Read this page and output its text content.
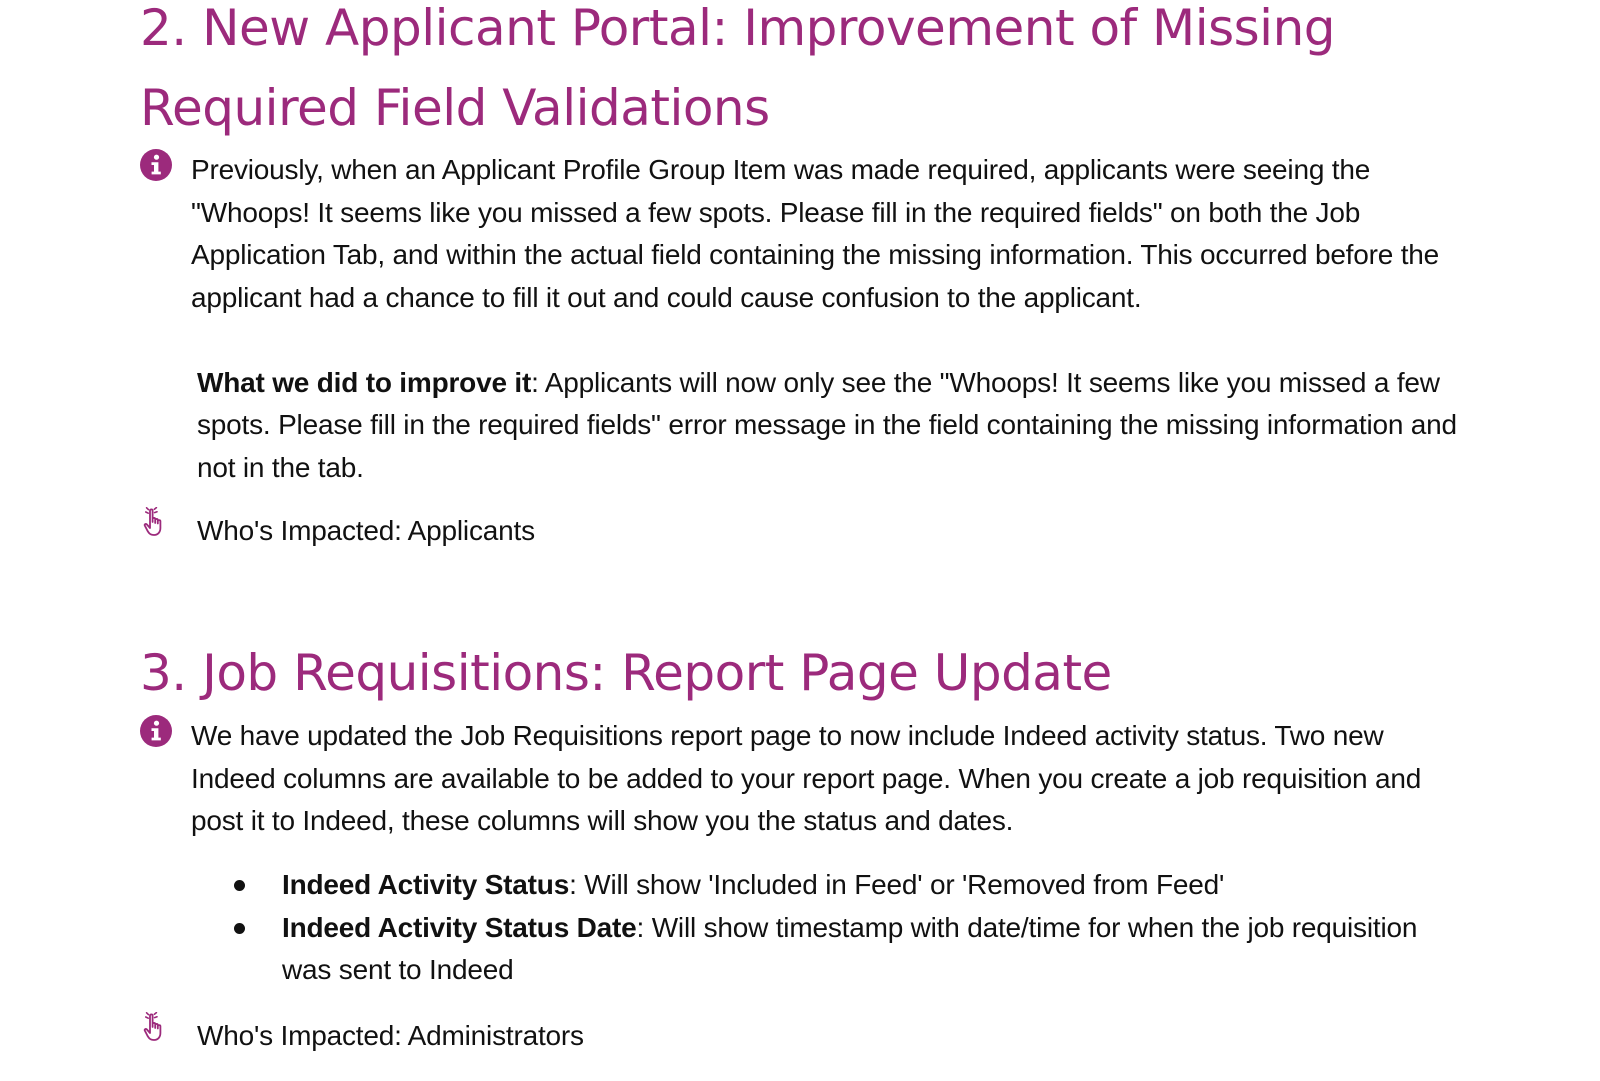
2. New Applicant Portal: Improvement of Missing
Required Field Validations

Previously, when an Applicant Profile Group Item was made required, applicants were seeing the "Whoops! It seems like you missed a few spots. Please fill in the required fields" on both the Job Application Tab, and within the actual field containing the missing information. This occurred before the applicant had a chance to fill it out and could cause confusion to the applicant.

What we did to improve it: Applicants will now only see the "Whoops! It seems like you missed a few spots. Please fill in the required fields" error message in the field containing the missing information and not in the tab.

Who's Impacted: Applicants
3. Job Requisitions: Report Page Update

We have updated the Job Requisitions report page to now include Indeed activity status. Two new Indeed columns are available to be added to your report page. When you create a job requisition and post it to Indeed, these columns will show you the status and dates.

Indeed Activity Status: Will show 'Included in Feed' or 'Removed from Feed'
Indeed Activity Status Date: Will show timestamp with date/time for when the job requisition was sent to Indeed
Who's Impacted: Administrators
